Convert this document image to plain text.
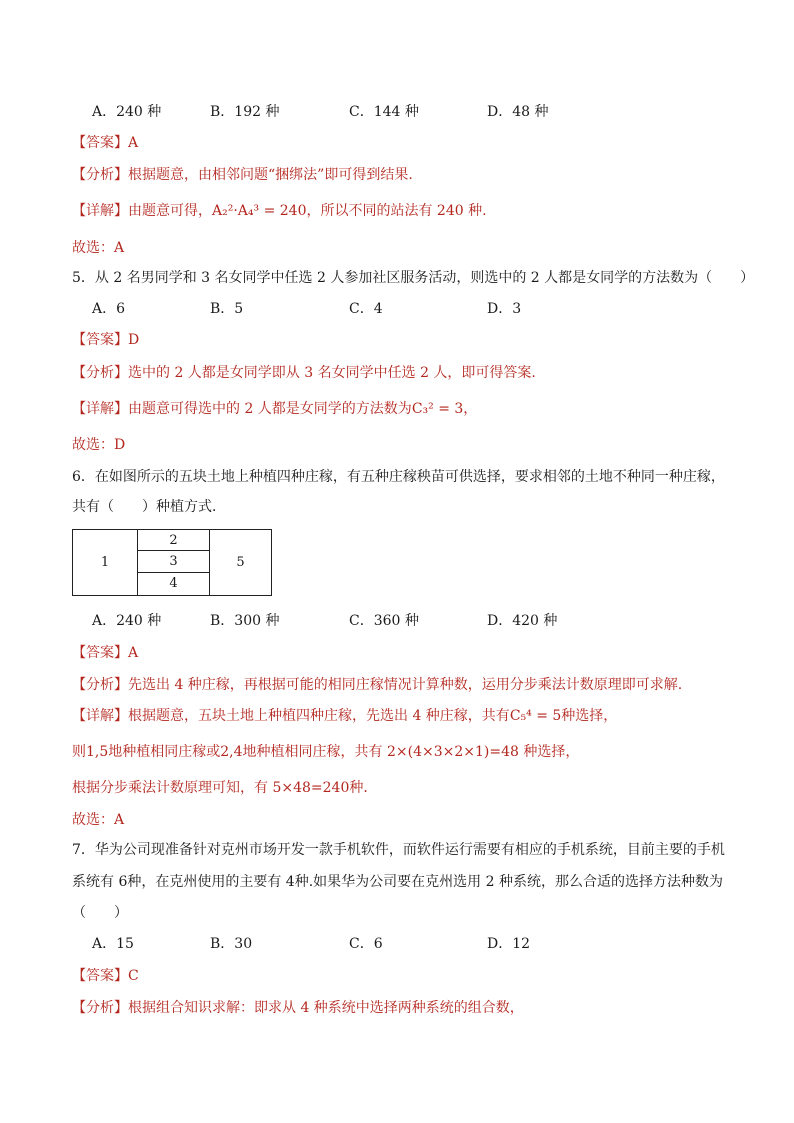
A．240 种	B．192 种	C．144 种	D．48 种
【答案】A
【分析】根据题意，由相邻问题“捆绑法”即可得到结果.
【详解】由题意可得，A₂²·A₄³ = 240，所以不同的站法有 240 种.
故选：A
5．从 2 名男同学和 3 名女同学中任选 2 人参加社区服务活动，则选中的 2 人都是女同学的方法数为（　　）
A．6	B．5	C．4	D．3
【答案】D
【分析】选中的 2 人都是女同学即从 3 名女同学中任选 2 人，即可得答案.
【详解】由题意可得选中的 2 人都是女同学的方法数为C₃² = 3，
故选：D
6．在如图所示的五块土地上种植四种庄稼，有五种庄稼秧苗可供选择，要求相邻的土地不种同一种庄稼，
共有（　　）种植方式．
1
2
3
4
5
A．240 种	B．300 种	C．360 种	D．420 种
【答案】A
【分析】先选出 4 种庄稼，再根据可能的相同庄稼情况计算种数，运用分步乘法计数原理即可求解.
【详解】根据题意，五块土地上种植四种庄稼，先选出 4 种庄稼，共有C₅⁴ = 5种选择，
则1,5地种植相同庄稼或2,4地种植相同庄稼，共有 2×(4×3×2×1)=48 种选择，
根据分步乘法计数原理可知，有 5×48=240种．
故选：A
7．华为公司现准备针对克州市场开发一款手机软件，而软件运行需要有相应的手机系统，目前主要的手机
系统有 6种，在克州使用的主要有 4种.如果华为公司要在克州选用 2 种系统，那么合适的选择方法种数为
（　　）
A．15	B．30	C．6	D．12
【答案】C
【分析】根据组合知识求解：即求从 4 种系统中选择两种系统的组合数，
